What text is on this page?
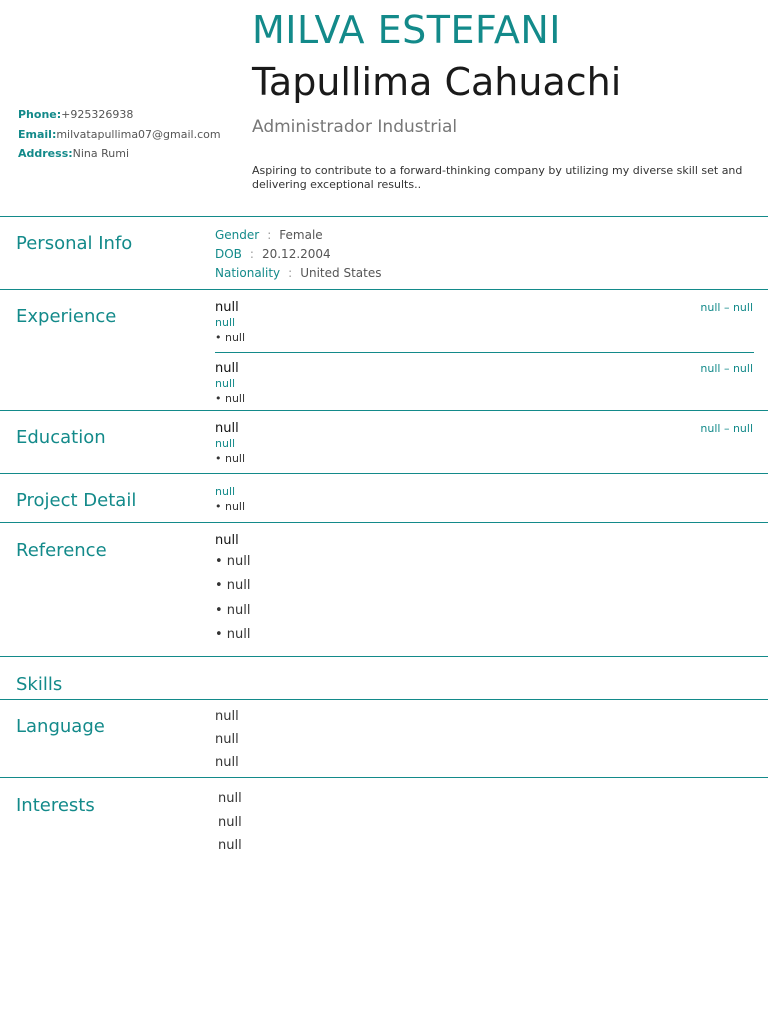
MILVA ESTEFANI
Tapullima Cahuachi
Administrador Industrial
Aspiring to contribute to a forward-thinking company by utilizing my diverse skill set and delivering exceptional results..
Phone:+925326938
Email:milvatapullima07@gmail.com
Address:Nina Rumi
Personal Info	Gender : Female
DOB : 20.12.2004
Nationality : United States
Experience	null
null
• null
null – null
null
null
• null
null – null
Education	null
null
• null
null – null
Project Detail	null
• null
Reference	null
• null
• null
• null
• null
Skills
Language	null
null
null
Interests	null
null
null
